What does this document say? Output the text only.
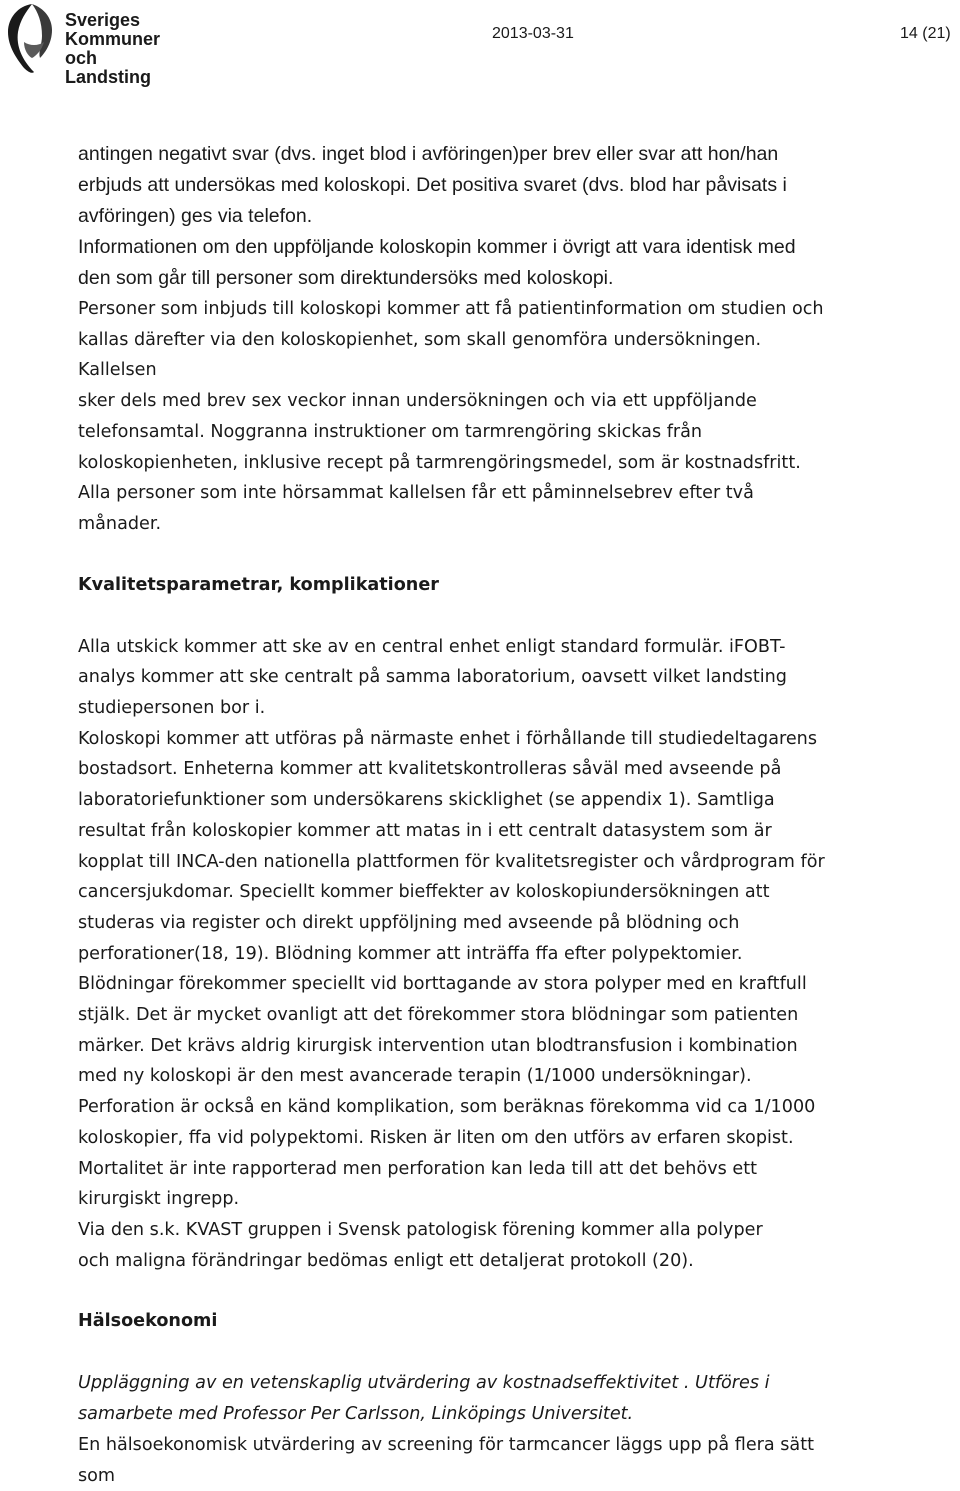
Sveriges
Kommuner
och Landsting
2013-03-31	14 (21)

antingen negativt svar (dvs. inget blod i avföringen)per brev eller svar att hon/han

erbjuds att undersökas med koloskopi. Det positiva svaret (dvs. blod har påvisats i

avföringen) ges via telefon.

Informationen om den uppföljande koloskopin kommer i övrigt att vara identisk med

den som går till personer som direktundersöks med koloskopi.

Personer som inbjuds till koloskopi kommer att få patientinformation om studien och

kallas därefter via den koloskopienhet, som skall genomföra undersökningen.

Kallelsen

sker dels med brev sex veckor innan undersökningen och via ett uppföljande

telefonsamtal. Noggranna instruktioner om tarmrengöring skickas från

koloskopienheten, inklusive recept på tarmrengöringsmedel, som är kostnadsfritt.

Alla personer som inte hörsammat kallelsen får ett påminnelsebrev efter två

månader.

Kvalitetsparametrar, komplikationer

Alla utskick kommer att ske av en central enhet enligt standard formulär. iFOBT-

analys kommer att ske centralt på samma laboratorium, oavsett vilket landsting

studiepersonen bor i.

Koloskopi kommer att utföras på närmaste enhet i förhållande till studiedeltagarens

bostadsort. Enheterna kommer att kvalitetskontrolleras såväl med avseende på

laboratoriefunktioner som undersökarens skicklighet (se appendix 1). Samtliga

resultat från koloskopier kommer att matas in i ett centralt datasystem som är

kopplat till INCA-den nationella plattformen för kvalitetsregister och vårdprogram för

cancersjukdomar. Speciellt kommer bieffekter av koloskopiundersökningen att

studeras via register och direkt uppföljning med avseende på blödning och

perforationer(18, 19). Blödning kommer att inträffa ffa efter polypektomier.

Blödningar förekommer speciellt vid borttagande av stora polyper med en kraftfull

stjälk. Det är mycket ovanligt att det förekommer stora blödningar som patienten

märker. Det krävs aldrig kirurgisk intervention utan blodtransfusion i kombination

med ny koloskopi är den mest avancerade terapin (1/1000 undersökningar).

Perforation är också en känd komplikation, som beräknas förekomma vid ca 1/1000

koloskopier, ffa vid polypektomi. Risken är liten om den utförs av erfaren skopist.

Mortalitet är inte rapporterad men perforation kan leda till att det behövs ett

kirurgiskt ingrepp.

Via den s.k. KVAST gruppen i Svensk patologisk förening kommer alla polyper

och maligna förändringar bedömas enligt ett detaljerat protokoll (20).

Hälsoekonomi

Uppläggning av en vetenskaplig utvärdering av kostnadseffektivitet . Utföres i

samarbete med Professor Per Carlsson, Linköpings Universitet.

En hälsoekonomisk utvärdering av screening för tarmcancer läggs upp på flera sätt

som
